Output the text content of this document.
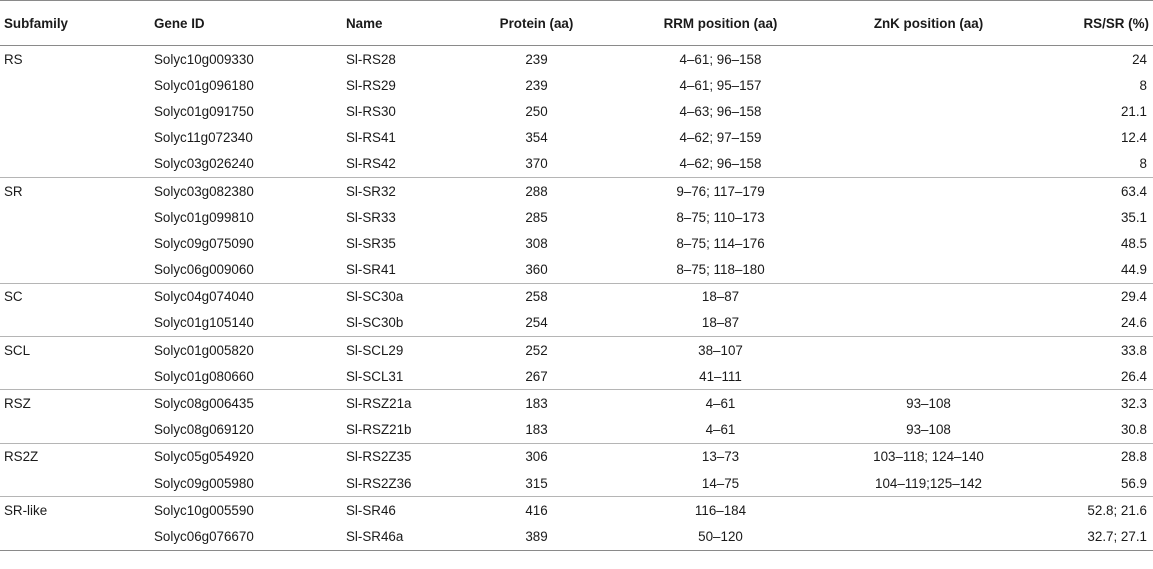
Subfamily	Gene ID	Name	Protein (aa)	RRM position (aa)	ZnK position (aa)	RS/SR (%)
RS	Solyc10g009330	Sl-RS28	239	4–61; 96–158		24
	Solyc01g096180	Sl-RS29	239	4–61; 95–157		8
	Solyc01g091750	Sl-RS30	250	4–63; 96–158		21.1
	Solyc11g072340	Sl-RS41	354	4–62; 97–159		12.4
	Solyc03g026240	Sl-RS42	370	4–62; 96–158		8
SR	Solyc03g082380	Sl-SR32	288	9–76; 117–179		63.4
	Solyc01g099810	Sl-SR33	285	8–75; 110–173		35.1
	Solyc09g075090	Sl-SR35	308	8–75; 114–176		48.5
	Solyc06g009060	Sl-SR41	360	8–75; 118–180		44.9
SC	Solyc04g074040	Sl-SC30a	258	18–87		29.4
	Solyc01g105140	Sl-SC30b	254	18–87		24.6
SCL	Solyc01g005820	Sl-SCL29	252	38–107		33.8
	Solyc01g080660	Sl-SCL31	267	41–111		26.4
RSZ	Solyc08g006435	Sl-RSZ21a	183	4–61	93–108	32.3
	Solyc08g069120	Sl-RSZ21b	183	4–61	93–108	30.8
RS2Z	Solyc05g054920	Sl-RS2Z35	306	13–73	103–118; 124–140	28.8
	Solyc09g005980	Sl-RS2Z36	315	14–75	104–119;125–142	56.9
SR-like	Solyc10g005590	Sl-SR46	416	116–184		52.8; 21.6
	Solyc06g076670	Sl-SR46a	389	50–120		32.7; 27.1
